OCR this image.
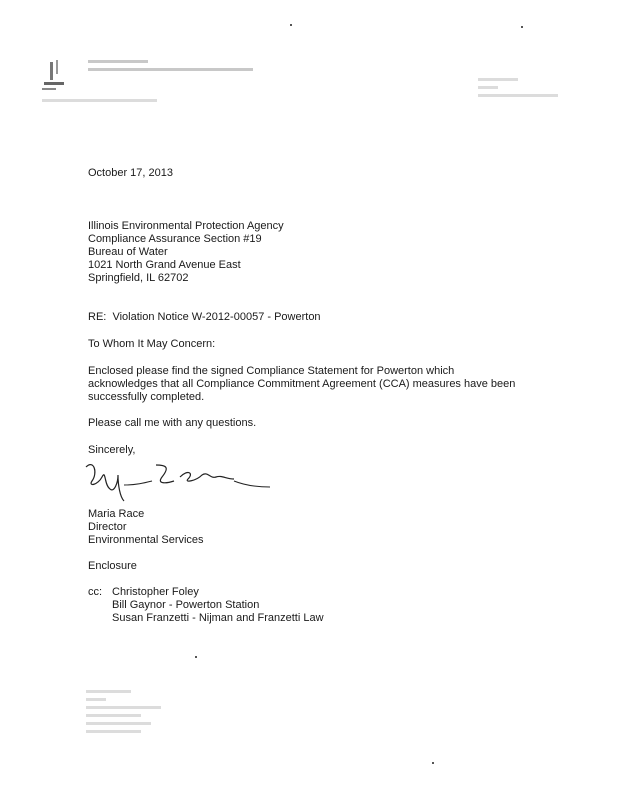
October 17, 2013
Illinois Environmental Protection Agency
Compliance Assurance Section #19
Bureau of Water
1021 North Grand Avenue East
Springfield, IL 62702
RE:  Violation Notice W-2012-00057 - Powerton
To Whom It May Concern:
Enclosed please find the signed Compliance Statement for Powerton which
acknowledges that all Compliance Commitment Agreement (CCA) measures have been
successfully completed.
Please call me with any questions.
Sincerely,
Maria Race
Director
Environmental Services
Enclosure
cc: Christopher Foley
Bill Gaynor - Powerton Station
Susan Franzetti - Nijman and Franzetti Law
